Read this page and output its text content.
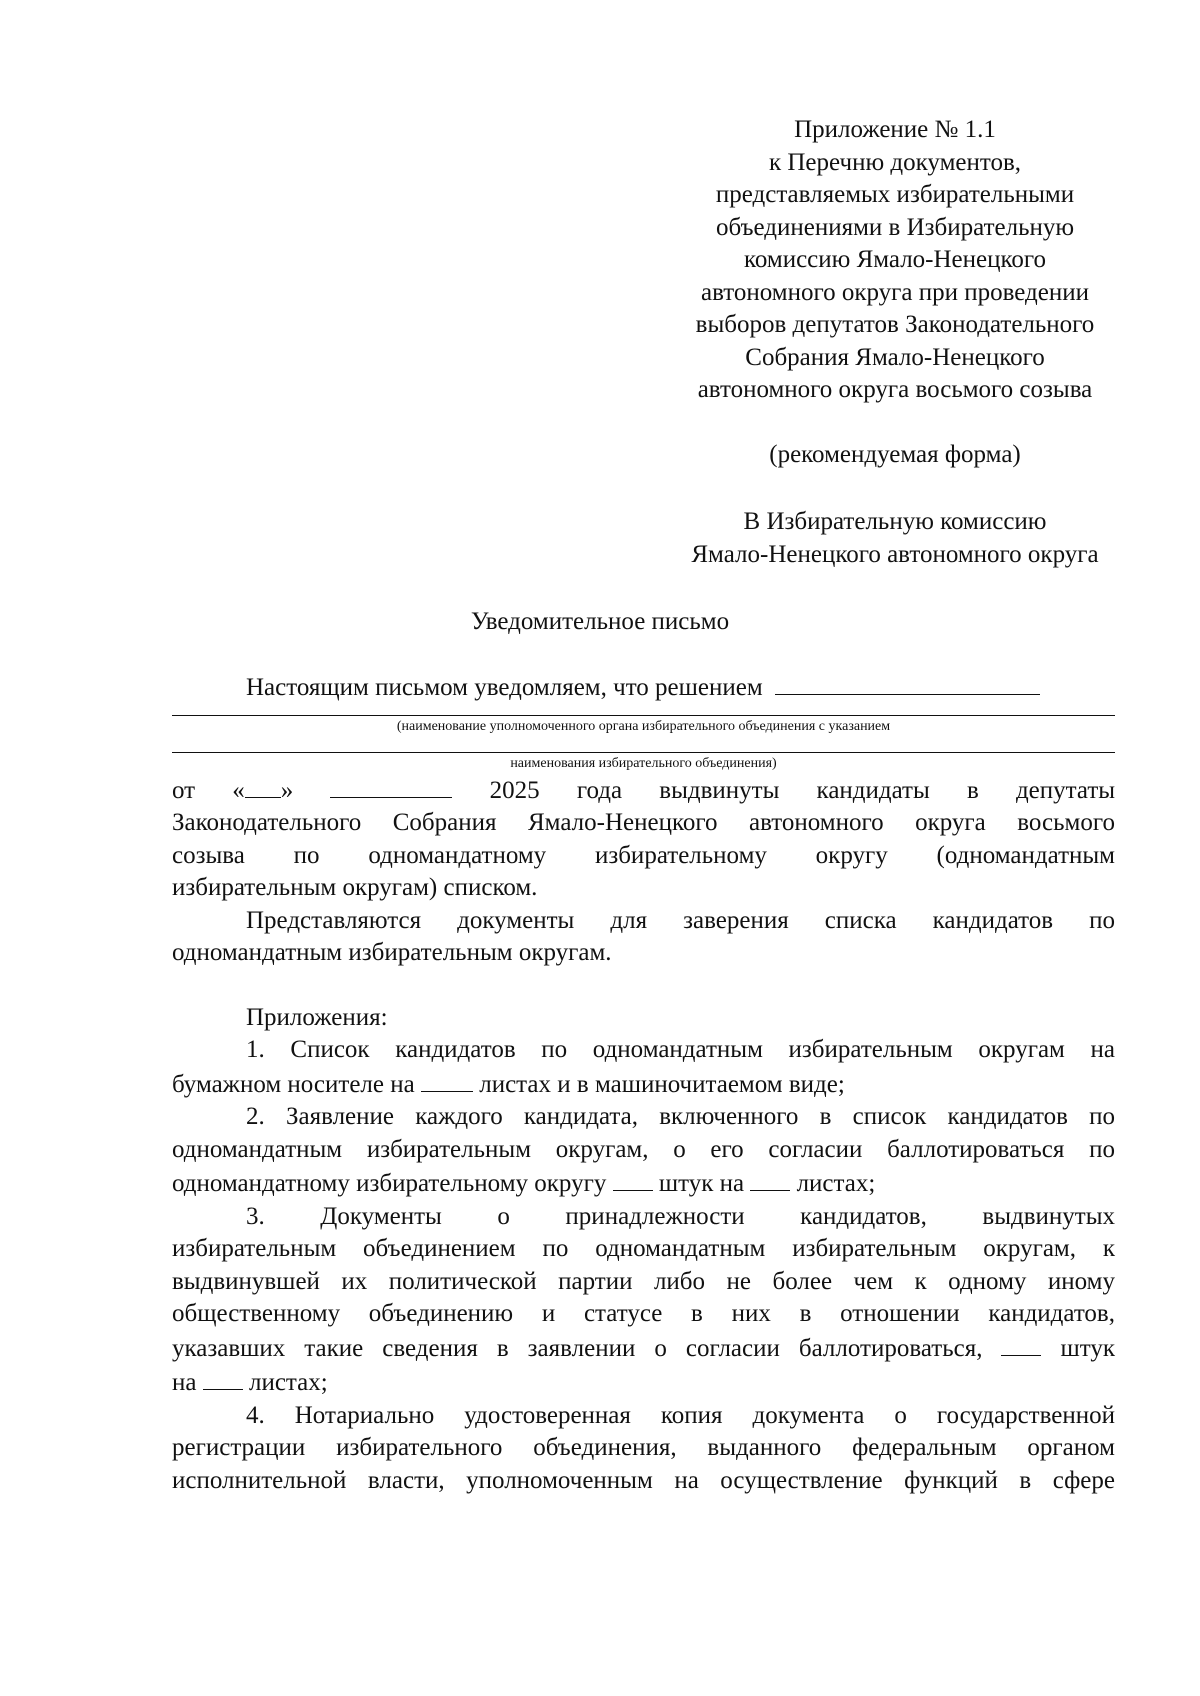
Приложение № 1.1
к Перечню документов,
представляемых избирательными
объединениями в Избирательную
комиссию Ямало-Ненецкого
автономного округа при проведении
выборов депутатов Законодательного
Собрания Ямало-Ненецкого
автономного округа восьмого созыва
(рекомендуемая форма)
В Избирательную комиссию
Ямало-Ненецкого автономного округа
Уведомительное письмо
Настоящим письмом уведомляем, что решением
(наименование уполномоченного органа избирательного объединения с указанием
наименования избирательного объединения)

от « »	2025 года выдвинуты кандидаты в депутаты
Законодательного Собрания Ямало-Ненецкого автономного округа восьмого
созыва по одномандатному избирательному округу (одномандатным
избирательным округам) списком.

Представляются документы для заверения списка кандидатов по
одномандатным избирательным округам.

Приложения:

1. Список кандидатов по одномандатным избирательным округам на
бумажном носителе на	листах и в машиночитаемом виде;

2. Заявление каждого кандидата, включенного в список кандидатов по
одномандатным избирательным округам, о его согласии баллотироваться по
одномандатному избирательному округу штук на листах;

3. Документы о принадлежности кандидатов, выдвинутых
избирательным объединением по одномандатным избирательным округам, к
выдвинувшей их политической партии либо не более чем к одному иному
общественному объединению и статусе в них в отношении кандидатов,
указавших такие сведения в заявлении о согласии баллотироваться,	штук
на листах;

4. Нотариально удостоверенная копия документа о государственной
регистрации избирательного объединения, выданного федеральным органом
исполнительной власти, уполномоченным на осуществление функций в сфере
